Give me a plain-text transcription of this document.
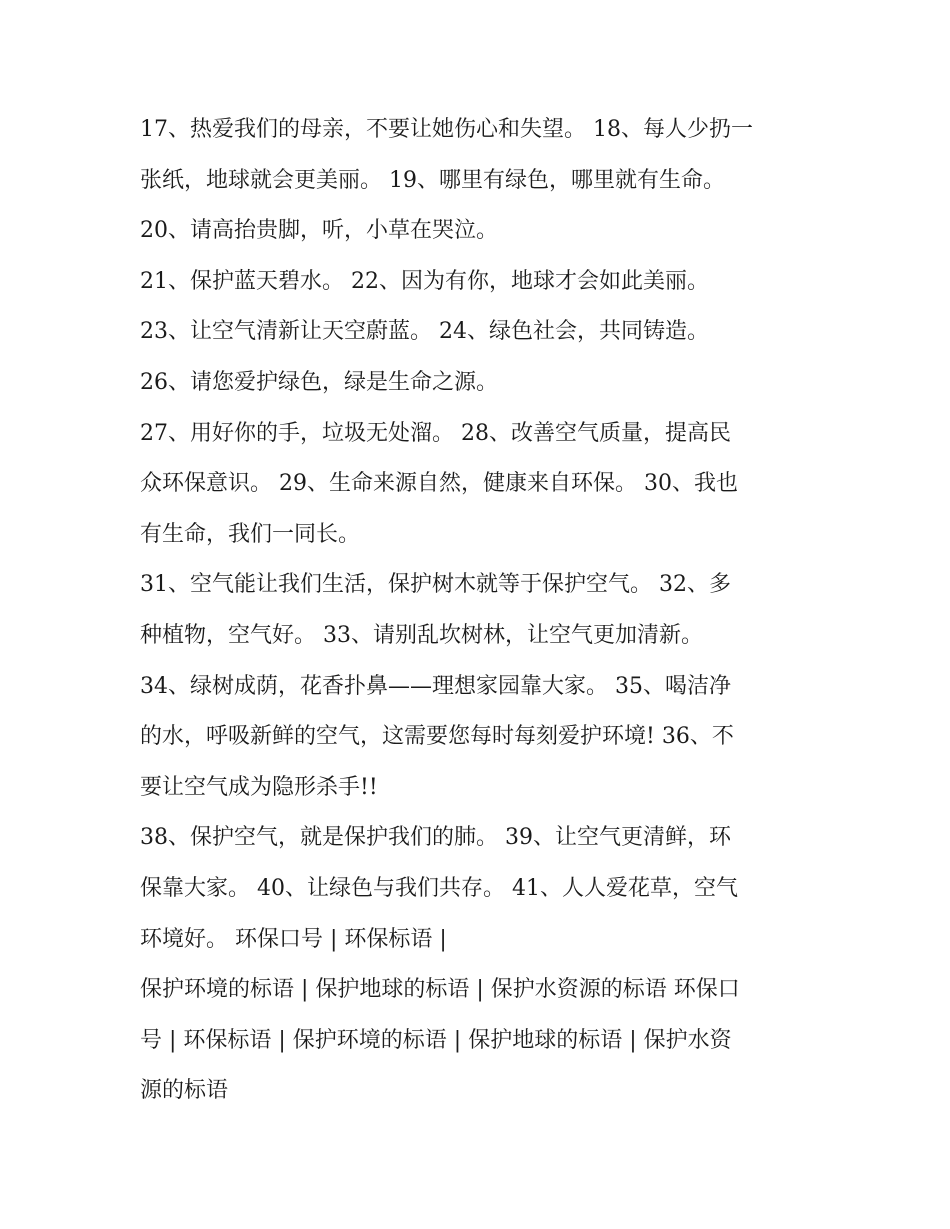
17、热爱我们的母亲，不要让她伤心和失望。 18、每人少扔一
张纸，地球就会更美丽。 19、哪里有绿色，哪里就有生命。
20、请高抬贵脚，听，小草在哭泣。
21、保护蓝天碧水。 22、因为有你，地球才会如此美丽。
23、让空气清新让天空蔚蓝。 24、绿色社会，共同铸造。
26、请您爱护绿色，绿是生命之源。
27、用好你的手，垃圾无处溜。 28、改善空气质量，提高民
众环保意识。 29、生命来源自然，健康来自环保。 30、我也
有生命，我们一同长。
31、空气能让我们生活，保护树木就等于保护空气。 32、多
种植物，空气好。 33、请别乱坎树林，让空气更加清新。
34、绿树成荫，花香扑鼻——理想家园靠大家。 35、喝洁净
的水，呼吸新鲜的空气，这需要您每时每刻爱护环境! 36、不
要让空气成为隐形杀手!!
38、保护空气，就是保护我们的肺。 39、让空气更清鲜，环
保靠大家。 40、让绿色与我们共存。 41、人人爱花草，空气
环境好。 环保口号 | 环保标语 |
保护环境的标语 | 保护地球的标语 | 保护水资源的标语 环保口
号 | 环保标语 | 保护环境的标语 | 保护地球的标语 | 保护水资
源的标语
